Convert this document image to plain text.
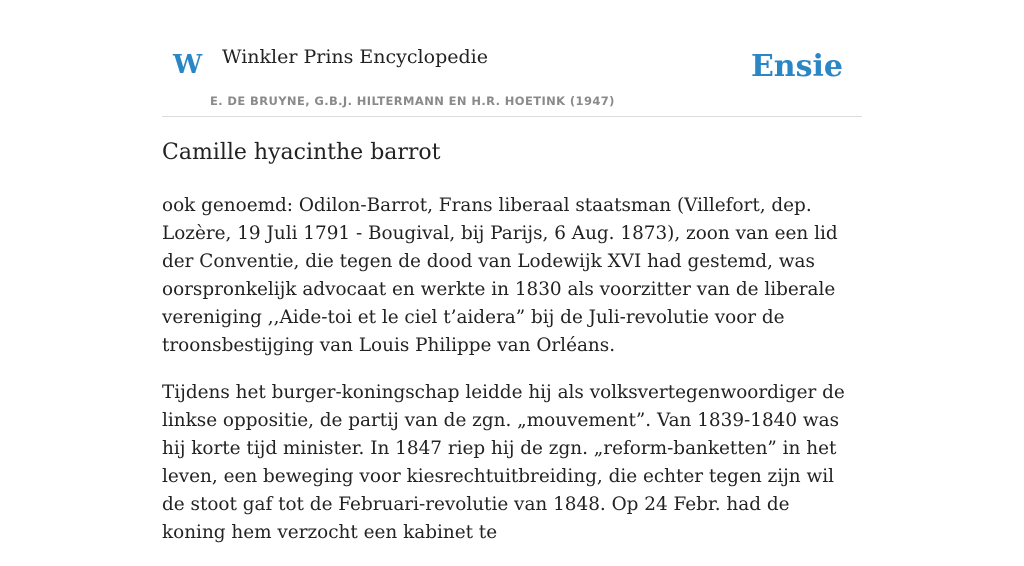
W Winkler Prins Encyclopedie
E. DE BRUYNE, G.B.J. HILTERMANN EN H.R. HOETINK (1947)
Ensie
Camille hyacinthe barrot

ook genoemd: Odilon-Barrot, Frans liberaal staatsman (Villefort, dep. Lozère, 19 Juli 1791 - Bougival, bij Parijs, 6 Aug. 1873), zoon van een lid der Conventie, die tegen de dood van Lodewijk XVI had gestemd, was oorspronkelijk advocaat en werkte in 1830 als voorzitter van de liberale vereniging ,,Aide-toi et le ciel t’aidera” bij de Juli-revolutie voor de troonsbestijging van Louis Philippe van Orléans.

Tijdens het burger-koningschap leidde hij als volksvertegenwoordiger de linkse oppositie, de partij van de zgn. „mouvement”. Van 1839-1840 was hij korte tijd minister. In 1847 riep hij de zgn. „reform-banketten” in het leven, een beweging voor kiesrechtuitbreiding, die echter tegen zijn wil de stoot gaf tot de Februari-revolutie van 1848. Op 24 Febr. had de koning hem verzocht een kabinet te
